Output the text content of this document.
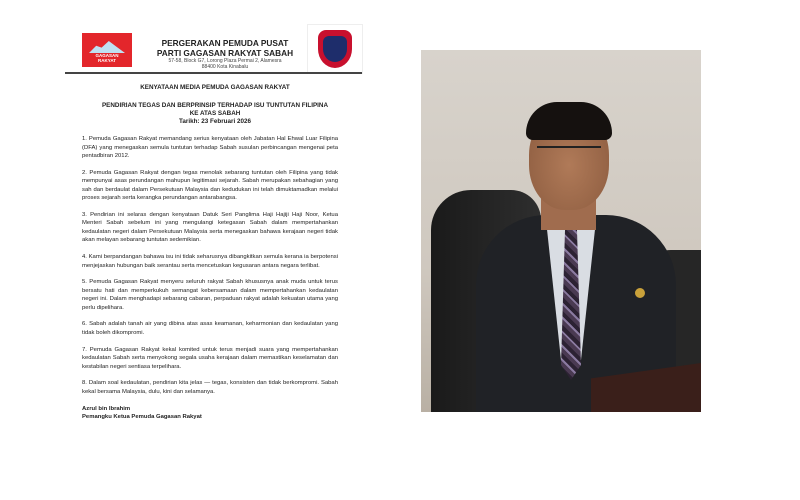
GAGASAN
RAKYAT
PERGERAKAN PEMUDA PUSAT
PARTI GAGASAN RAKYAT SABAH
57-58, Block G7, Lorong Plaza Permai 2, Alamesra
88400 Kota Kinabalu
KENYATAAN MEDIA PEMUDA GAGASAN RAKYAT
PENDIRIAN TEGAS DAN BERPRINSIP TERHADAP ISU TUNTUTAN FILIPINA
KE ATAS SABAH
Tarikh: 23 Februari 2026

1. Pemuda Gagasan Rakyat memandang serius kenyataan oleh Jabatan Hal Ehwal Luar Filipina (DFA) yang menegaskan semula tuntutan terhadap Sabah susulan perbincangan mengenai peta pentadbiran 2012.

2. Pemuda Gagasan Rakyat dengan tegas menolak sebarang tuntutan oleh Filipina yang tidak mempunyai asas perundangan mahupun legitimasi sejarah. Sabah merupakan sebahagian yang sah dan berdaulat dalam Persekutuan Malaysia dan kedudukan ini telah dimuktamadkan melalui proses sejarah serta kerangka perundangan antarabangsa.

3. Pendirian ini selaras dengan kenyataan Datuk Seri Panglima Haji Hajiji Haji Noor, Ketua Menteri Sabah sebelum ini yang mengulangi ketegasan Sabah dalam mempertahankan kedaulatan negeri dalam Persekutuan Malaysia serta menegaskan bahawa kerajaan negeri tidak akan melayan sebarang tuntutan sedemikian.

4. Kami berpandangan bahawa isu ini tidak seharusnya dibangkitkan semula kerana ia berpotensi menjejaskan hubungan baik serantau serta mencetuskan kegusaran antara negara terlibat.

5. Pemuda Gagasan Rakyat menyeru seluruh rakyat Sabah khususnya anak muda untuk terus bersatu hati dan memperkukuh semangat kebersamaan dalam mempertahankan kedaulatan negeri ini. Dalam menghadapi sebarang cabaran, perpaduan rakyat adalah kekuatan utama yang perlu dipelihara.

6. Sabah adalah tanah air yang dibina atas asas keamanan, keharmonian dan kedaulatan yang tidak boleh dikompromi.

7. Pemuda Gagasan Rakyat kekal komited untuk terus menjadi suara yang mempertahankan kedaulatan Sabah serta menyokong segala usaha kerajaan dalam memastikan keselamatan dan kestabilan negeri sentiasa terpelihara.

8. Dalam soal kedaulatan, pendirian kita jelas — tegas, konsisten dan tidak berkompromi. Sabah kekal bersama Malaysia, dulu, kini dan selamanya.

Azrul bin Ibrahim
Pemangku Ketua Pemuda Gagasan Rakyat
